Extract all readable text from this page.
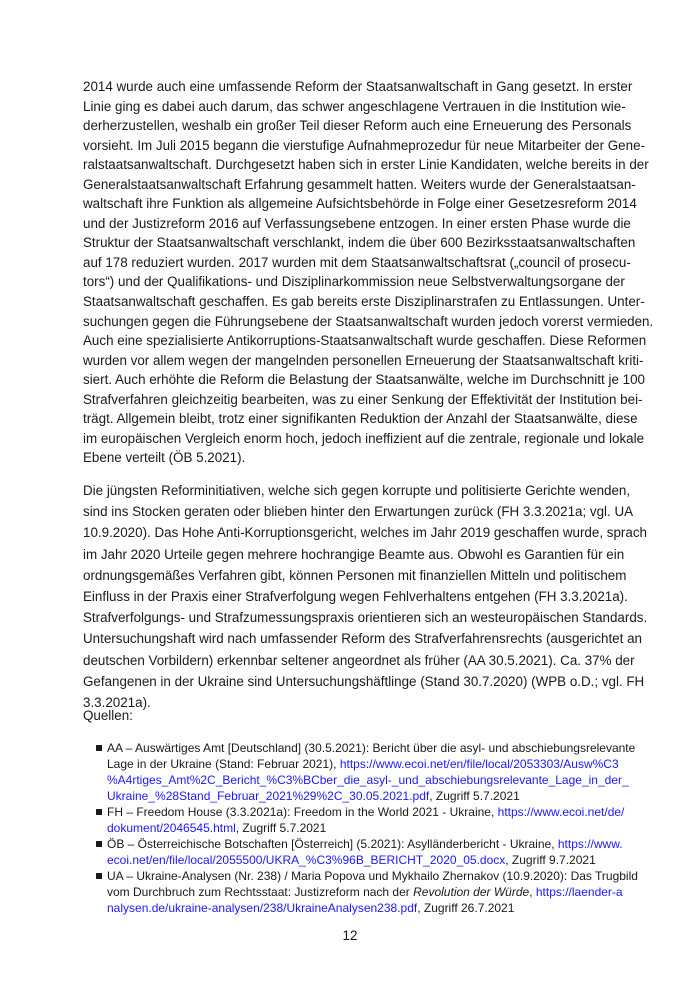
2014 wurde auch eine umfassende Reform der Staatsanwaltschaft in Gang gesetzt. In erster
Linie ging es dabei auch darum, das schwer angeschlagene Vertrauen in die Institution wie-
derherzustellen, weshalb ein großer Teil dieser Reform auch eine Erneuerung des Personals
vorsieht. Im Juli 2015 begann die vierstufige Aufnahmeprozedur für neue Mitarbeiter der Gene-
ralstaatsanwaltschaft. Durchgesetzt haben sich in erster Linie Kandidaten, welche bereits in der
Generalstaatsanwaltschaft Erfahrung gesammelt hatten. Weiters wurde der Generalstaatsan-
waltschaft ihre Funktion als allgemeine Aufsichtsbehörde in Folge einer Gesetzesreform 2014
und der Justizreform 2016 auf Verfassungsebene entzogen. In einer ersten Phase wurde die
Struktur der Staatsanwaltschaft verschlankt, indem die über 600 Bezirksstaatsanwaltschaften
auf 178 reduziert wurden. 2017 wurden mit dem Staatsanwaltschaftsrat („council of prosecu-
tors“) und der Qualifikations- und Disziplinarkommission neue Selbstverwaltungsorgane der
Staatsanwaltschaft geschaffen. Es gab bereits erste Disziplinarstrafen zu Entlassungen. Unter-
suchungen gegen die Führungsebene der Staatsanwaltschaft wurden jedoch vorerst vermieden.
Auch eine spezialisierte Antikorruptions-Staatsanwaltschaft wurde geschaffen. Diese Reformen
wurden vor allem wegen der mangelnden personellen Erneuerung der Staatsanwaltschaft kriti-
siert. Auch erhöhte die Reform die Belastung der Staatsanwälte, welche im Durchschnitt je 100
Strafverfahren gleichzeitig bearbeiten, was zu einer Senkung der Effektivität der Institution bei-
trägt. Allgemein bleibt, trotz einer signifikanten Reduktion der Anzahl der Staatsanwälte, diese
im europäischen Vergleich enorm hoch, jedoch ineffizient auf die zentrale, regionale und lokale
Ebene verteilt (ÖB 5.2021).
Die jüngsten Reforminitiativen, welche sich gegen korrupte und politisierte Gerichte wenden,
sind ins Stocken geraten oder blieben hinter den Erwartungen zurück (FH 3.3.2021a; vgl. UA
10.9.2020). Das Hohe Anti-Korruptionsgericht, welches im Jahr 2019 geschaffen wurde, sprach
im Jahr 2020 Urteile gegen mehrere hochrangige Beamte aus. Obwohl es Garantien für ein
ordnungsgemäßes Verfahren gibt, können Personen mit finanziellen Mitteln und politischem
Einfluss in der Praxis einer Strafverfolgung wegen Fehlverhaltens entgehen (FH 3.3.2021a).
Strafverfolgungs- und Strafzumessungspraxis orientieren sich an westeuropäischen Standards.
Untersuchungshaft wird nach umfassender Reform des Strafverfahrensrechts (ausgerichtet an
deutschen Vorbildern) erkennbar seltener angeordnet als früher (AA 30.5.2021). Ca. 37% der
Gefangenen in der Ukraine sind Untersuchungshäftlinge (Stand 30.7.2020) (WPB o.D.; vgl. FH
3.3.2021a).
Quellen:
AA – Auswärtiges Amt [Deutschland] (30.5.2021): Bericht über die asyl- und abschiebungsrelevante
Lage in der Ukraine (Stand: Februar 2021), https://www.ecoi.net/en/file/local/2053303/Ausw%C3
%A4rtiges_Amt%2C_Bericht_%C3%BCber_die_asyl-_und_abschiebungsrelevante_Lage_in_der_
Ukraine_%28Stand_Februar_2021%29%2C_30.05.2021.pdf, Zugriff 5.7.2021
FH – Freedom House (3.3.2021a): Freedom in the World 2021 - Ukraine, https://www.ecoi.net/de/
dokument/2046545.html, Zugriff 5.7.2021
ÖB – Österreichische Botschaften [Österreich] (5.2021): Asylländerbericht - Ukraine, https://www.
ecoi.net/en/file/local/2055500/UKRA_%C3%96B_BERICHT_2020_05.docx, Zugriff 9.7.2021
UA – Ukraine-Analysen (Nr. 238) / Maria Popova und Mykhailo Zhernakov (10.9.2020): Das Trugbild
vom Durchbruch zum Rechtsstaat: Justizreform nach der Revolution der Würde, https://laender-a
nalysen.de/ukraine-analysen/238/UkraineAnalysen238.pdf, Zugriff 26.7.2021
12
